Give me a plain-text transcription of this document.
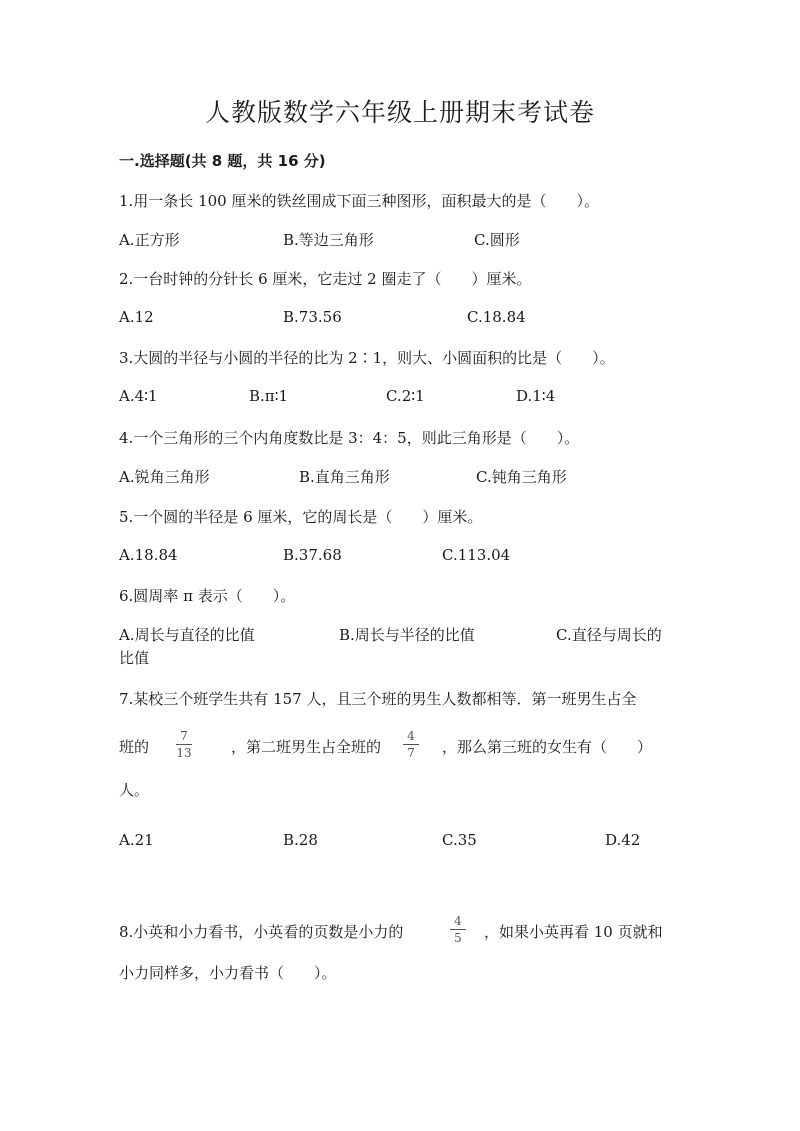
人教版数学六年级上册期末考试卷
一.选择题(共 8 题，共 16 分)
1.用一条长 100 厘米的铁丝围成下面三种图形，面积最大的是（　　）。
A.正方形	B.等边三角形	C.圆形
2.一台时钟的分针长 6 厘米，它走过 2 圈走了（　　）厘米。
A.12	B.73.56	C.18.84
3.大圆的半径与小圆的半径的比为 2∶1，则大、小圆面积的比是（　　）。
A.4∶1	B.π∶1	C.2∶1	D.1∶4
4.一个三角形的三个内角度数比是 3：4：5，则此三角形是（　　）。
A.锐角三角形	B.直角三角形	C.钝角三角形
5.一个圆的半径是 6 厘米，它的周长是（　　）厘米。
A.18.84	B.37.68	C.113.04
6.圆周率 π 表示（　　）。
A.周长与直径的比值	B.周长与半径的比值	C.直径与周长的
比值
7.某校三个班学生共有 157 人，且三个班的男生人数都相等．第一班男生占全
班的
7
13	，第二班男生占全班的
4
7 ，那么第三班的女生有（　　）
人。
A.21	B.28	C.35	D.42
8.小英和小力看书，小英看的页数是小力的
4
5 ，如果小英再看 10 页就和
小力同样多，小力看书（　　）。
